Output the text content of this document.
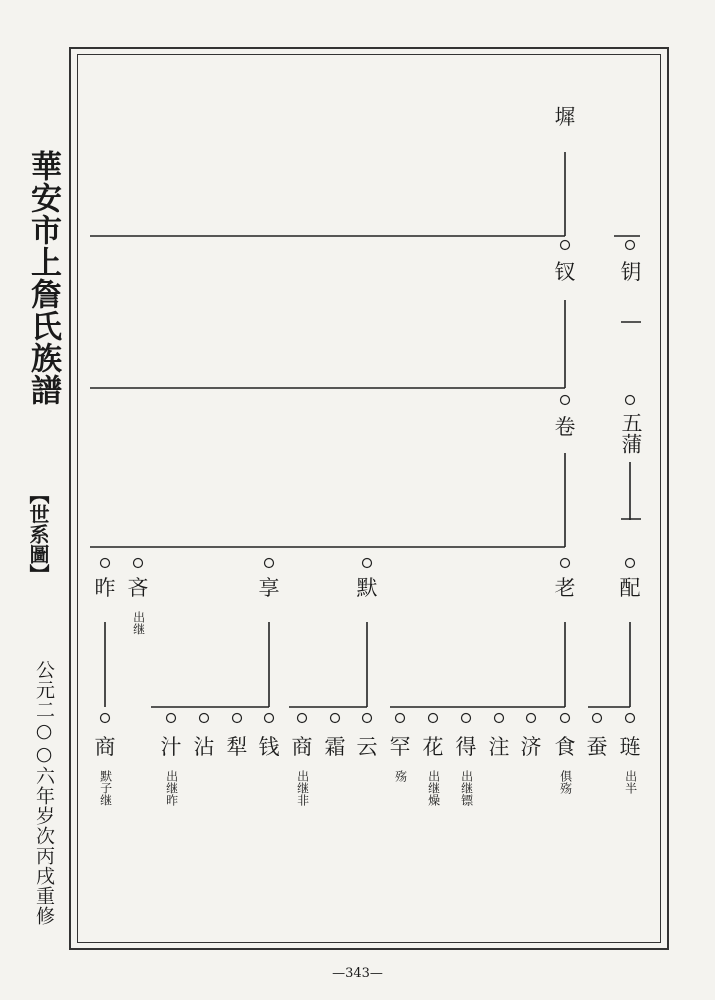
華安市上詹氏族譜
【世系圖】
公元二○○六年岁次丙戌重修
墀
钗 钥
卷 五蒲
昨 吝
出继
享	默	老 配
商 汁 沾 犁 钱 商 霜 云 罕 花 得 注 济 食 蚕 琏
默子继	出继昨	出继非	殇 出继燥 出继镖	俱殇	出半
—343—
